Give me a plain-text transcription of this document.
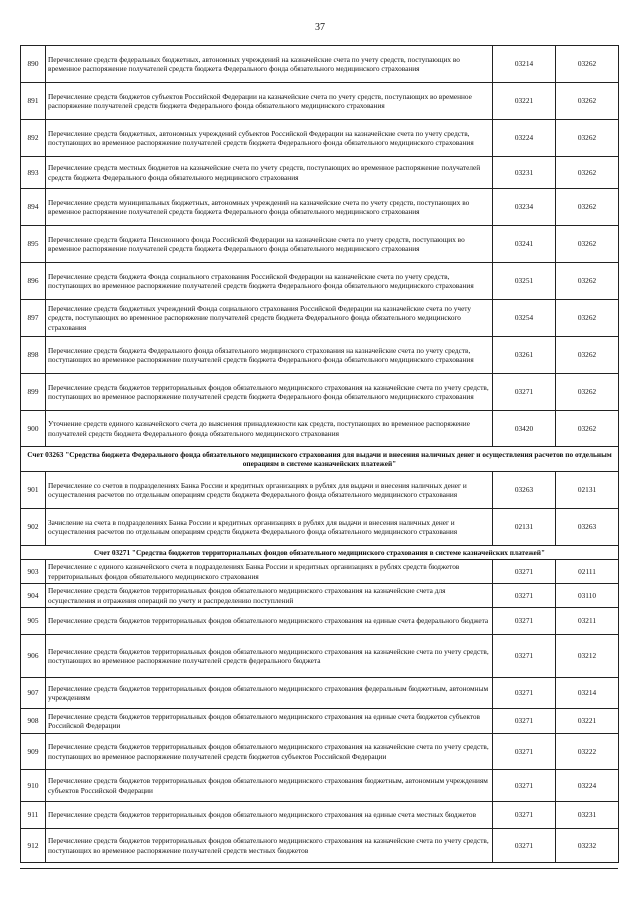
37
890	Перечисление средств федеральных бюджетных, автономных учреждений на казначейские счета по учету средств, поступающих во временное распоряжение получателей средств бюджета Федерального фонда обязательного медицинского страхования	03214	03262
891	Перечисление средств бюджетов субъектов Российской Федерации на казначейские счета по учету средств, поступающих во временное распоряжение получателей средств бюджета Федерального фонда обязательного медицинского страхования	03221	03262
892	Перечисление средств бюджетных, автономных учреждений субъектов Российской Федерации на казначейские счета по учету средств, поступающих во временное распоряжение получателей средств бюджета Федерального фонда обязательного медицинского страхования	03224	03262
893	Перечисление средств местных бюджетов на казначейские счета по учету средств, поступающих во временное распоряжение получателей средств бюджета Федерального фонда обязательного медицинского страхования	03231	03262
894	Перечисление средств муниципальных бюджетных, автономных учреждений на казначейские счета по учету средств, поступающих во временное распоряжение получателей средств бюджета Федерального фонда обязательного медицинского страхования	03234	03262
895	Перечисление средств бюджета Пенсионного фонда Российской Федерации на казначейские счета по учету средств, поступающих во временное распоряжение получателей средств бюджета Федерального фонда обязательного медицинского страхования	03241	03262
896	Перечисление средств бюджета Фонда социального страхования Российской Федерации на казначейские счета по учету средств, поступающих во временное распоряжение получателей средств бюджета Федерального фонда обязательного медицинского страхования	03251	03262
897	Перечисление средств бюджетных учреждений Фонда социального страхования Российской Федерации на казначейские счета по учету средств, поступающих во временное распоряжение получателей средств бюджета Федерального фонда обязательного медицинского страхования	03254	03262
898	Перечисление средств бюджета Федерального фонда обязательного медицинского страхования на казначейские счета по учету средств, поступающих во временное распоряжение получателей средств бюджета Федерального фонда обязательного медицинского страхования	03261	03262
899	Перечисление средств бюджетов территориальных фондов обязательного медицинского страхования на казначейские счета по учету средств, поступающих во временное распоряжение получателей средств бюджета Федерального фонда обязательного медицинского страхования	03271	03262
900	Уточнение средств единого казначейского счета до выяснения принадлежности как средств, поступающих во временное распоряжение получателей средств бюджета Федерального фонда обязательного медицинского страхования	03420	03262
Счет 03263 "Средства бюджета Федерального фонда обязательного медицинского страхования для выдачи и внесения наличных денег и осуществления расчетов по отдельным операциям в системе казначейских платежей"			
901	Перечисление со счетов в подразделениях Банка России и кредитных организациях в рублях для выдачи и внесения наличных денег и осуществления расчетов по отдельным операциям средств бюджета Федерального фонда обязательного медицинского страхования	03263	02131
902	Зачисление на счета в подразделениях Банка России и кредитных организациях в рублях для выдачи и внесения наличных денег и осуществления расчетов по отдельным операциям средств бюджета Федерального фонда обязательного медицинского страхования	02131	03263
Счет 03271 "Средства бюджетов территориальных фондов обязательного медицинского страхования в системе казначейских платежей"			
903	Перечисление с единого казначейского счета в подразделениях Банка России и кредитных организациях в рублях средств бюджетов территориальных фондов обязательного медицинского страхования	03271	02111
904	Перечисление средств бюджетов территориальных фондов обязательного медицинского страхования на казначейские счета для осуществления и отражения операций по учету и распределению поступлений	03271	03110
905	Перечисление средств бюджетов территориальных фондов обязательного медицинского страхования на единые счета федерального бюджета	03271	03211
906	Перечисление средств бюджетов территориальных фондов обязательного медицинского страхования на казначейские счета по учету средств, поступающих во временное распоряжение получателей средств федерального бюджета	03271	03212
907	Перечисление средств бюджетов территориальных фондов обязательного медицинского страхования федеральным бюджетным, автономным учреждениям	03271	03214
908	Перечисление средств бюджетов территориальных фондов обязательного медицинского страхования на единые счета бюджетов субъектов Российской Федерации	03271	03221
909	Перечисление средств бюджетов территориальных фондов обязательного медицинского страхования на казначейские счета по учету средств, поступающих во временное распоряжение получателей средств бюджетов субъектов Российской Федерации	03271	03222
910	Перечисление средств бюджетов территориальных фондов обязательного медицинского страхования бюджетным, автономным учреждениям субъектов Российской Федерации	03271	03224
911	Перечисление средств бюджетов территориальных фондов обязательного медицинского страхования на единые счета местных бюджетов	03271	03231
912	Перечисление средств бюджетов территориальных фондов обязательного медицинского страхования на казначейские счета по учету средств, поступающих во временное распоряжение получателей средств местных бюджетов	03271	03232
